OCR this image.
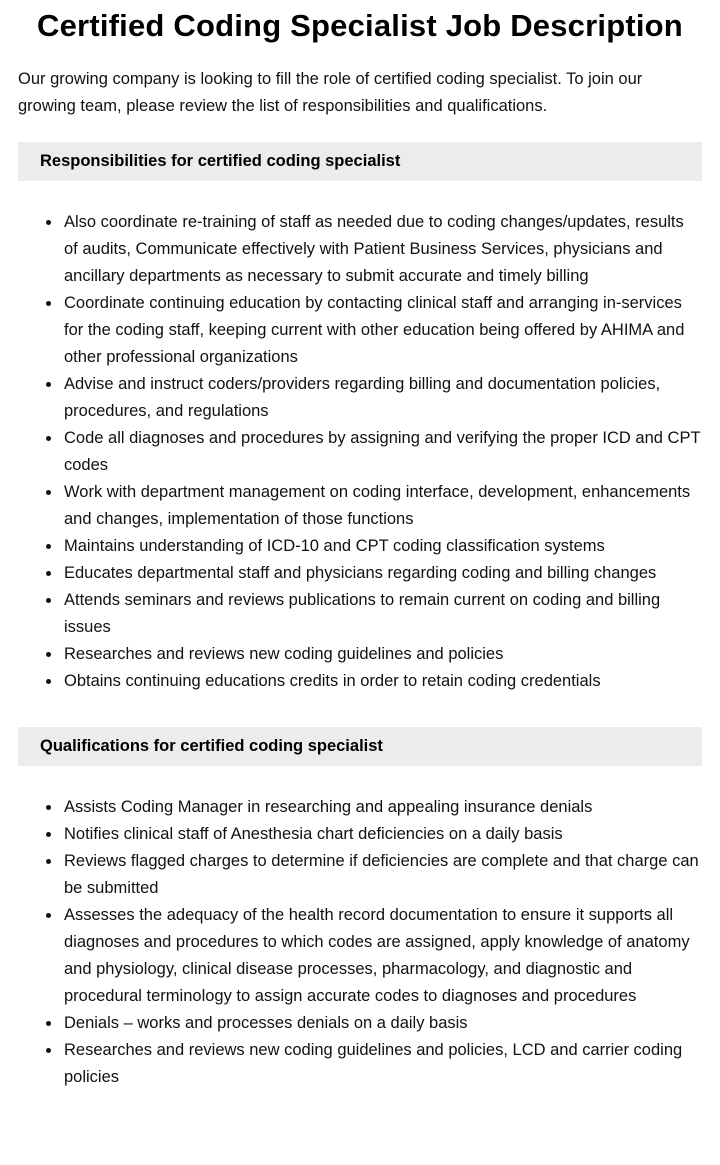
Certified Coding Specialist Job Description

Our growing company is looking to fill the role of certified coding specialist. To join our growing team, please review the list of responsibilities and qualifications.

Responsibilities for certified coding specialist
• Also coordinate re-training of staff as needed due to coding changes/updates, results of audits, Communicate effectively with Patient Business Services, physicians and ancillary departments as necessary to submit accurate and timely billing
• Coordinate continuing education by contacting clinical staff and arranging in-services for the coding staff, keeping current with other education being offered by AHIMA and other professional organizations
• Advise and instruct coders/providers regarding billing and documentation policies, procedures, and regulations
• Code all diagnoses and procedures by assigning and verifying the proper ICD and CPT codes
• Work with department management on coding interface, development, enhancements and changes, implementation of those functions
• Maintains understanding of ICD-10 and CPT coding classification systems
• Educates departmental staff and physicians regarding coding and billing changes
• Attends seminars and reviews publications to remain current on coding and billing issues
• Researches and reviews new coding guidelines and policies
• Obtains continuing educations credits in order to retain coding credentials
Qualifications for certified coding specialist
• Assists Coding Manager in researching and appealing insurance denials
• Notifies clinical staff of Anesthesia chart deficiencies on a daily basis
• Reviews flagged charges to determine if deficiencies are complete and that charge can be submitted
• Assesses the adequacy of the health record documentation to ensure it supports all diagnoses and procedures to which codes are assigned, apply knowledge of anatomy and physiology, clinical disease processes, pharmacology, and diagnostic and procedural terminology to assign accurate codes to diagnoses and procedures
• Denials – works and processes denials on a daily basis
• Researches and reviews new coding guidelines and policies, LCD and carrier coding policies
